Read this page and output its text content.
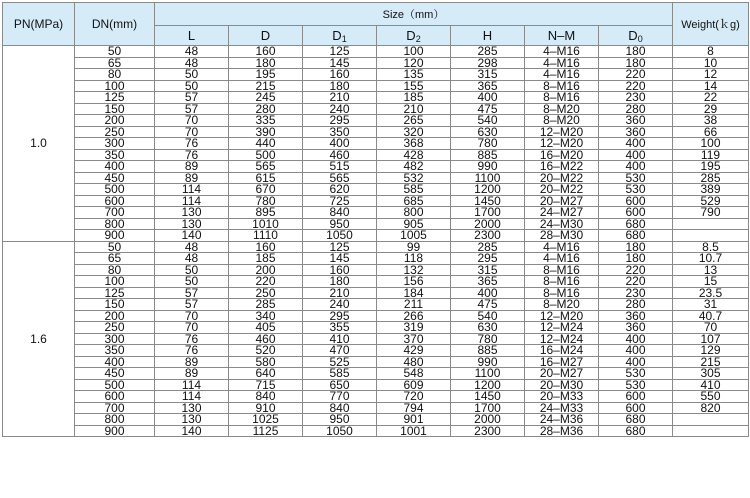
PN(MPa)	DN(mm)	Size（mm）							Weight(ｋg)
		L	D	D1	D2	H	N–M	D0	
1.0	50	48	160	125	100	285	4–M16	180	8
	65	48	180	145	120	298	4–M16	180	10
	80	50	195	160	135	315	4–M16	220	12
	100	50	215	180	155	365	8–M16	220	14
	125	57	245	210	185	400	8–M16	230	22
	150	57	280	240	210	475	8–M20	280	29
	200	70	335	295	265	540	8–M20	360	38
	250	70	390	350	320	630	12–M20	360	66
	300	76	440	400	368	780	12–M20	400	100
	350	76	500	460	428	885	16–M20	400	119
	400	89	565	515	482	990	16–M22	400	195
	450	89	615	565	532	1100	20–M22	530	285
	500	114	670	620	585	1200	20–M22	530	389
	600	114	780	725	685	1450	20–M27	600	529
	700	130	895	840	800	1700	24–M27	600	790
	800	130	1010	950	905	2000	24–M30	680	
	900	140	1110	1050	1005	2300	28–M30	680	
1.6	50	48	160	125	99	285	4–M16	180	8.5
	65	48	185	145	118	295	4–M16	180	10.7
	80	50	200	160	132	315	8–M16	220	13
	100	50	220	180	156	365	8–M16	220	15
	125	57	250	210	184	400	8–M16	230	23.5
	150	57	285	240	211	475	8–M20	280	31
	200	70	340	295	266	540	12–M20	360	40.7
	250	70	405	355	319	630	12–M24	360	70
	300	76	460	410	370	780	12–M24	400	107
	350	76	520	470	429	885	16–M24	400	129
	400	89	580	525	480	990	16–M27	400	215
	450	89	640	585	548	1100	20–M27	530	305
	500	114	715	650	609	1200	20–M30	530	410
	600	114	840	770	720	1450	20–M33	600	550
	700	130	910	840	794	1700	24–M33	600	820
	800	130	1025	950	901	2000	24–M36	680	
	900	140	1125	1050	1001	2300	28–M36	680	
